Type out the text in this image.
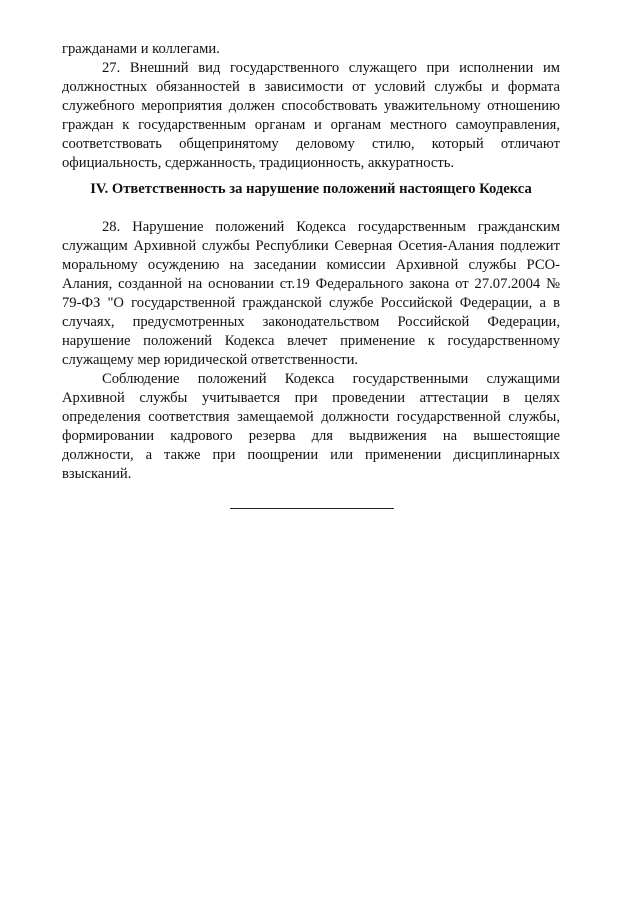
гражданами и коллегами.

27. Внешний вид государственного служащего при исполнении им должностных обязанностей в зависимости от условий службы и формата служебного мероприятия должен способствовать уважительному отношению граждан к государственным органам и органам местного самоуправления, соответствовать общепринятому деловому стилю, который отличают официальность, сдержанность, традиционность, аккуратность.

IV. Ответственность за нарушение положений настоящего Кодекса

28. Нарушение положений Кодекса государственным гражданским служащим Архивной службы Республики Северная Осетия-Алания подлежит моральному осуждению на заседании комиссии Архивной службы РСО-Алания, созданной на основании ст.19 Федерального закона от 27.07.2004 № 79-ФЗ "О государственной гражданской службе Российской Федерации, а в случаях, предусмотренных законодательством Российской Федерации, нарушение положений Кодекса влечет применение к государственному служащему мер юридической ответственности.

Соблюдение положений Кодекса государственными служащими Архивной службы учитывается при проведении аттестации в целях определения соответствия замещаемой должности государственной службы, формировании кадрового резерва для выдвижения на вышестоящие должности, а также при поощрении или применении дисциплинарных взысканий.
